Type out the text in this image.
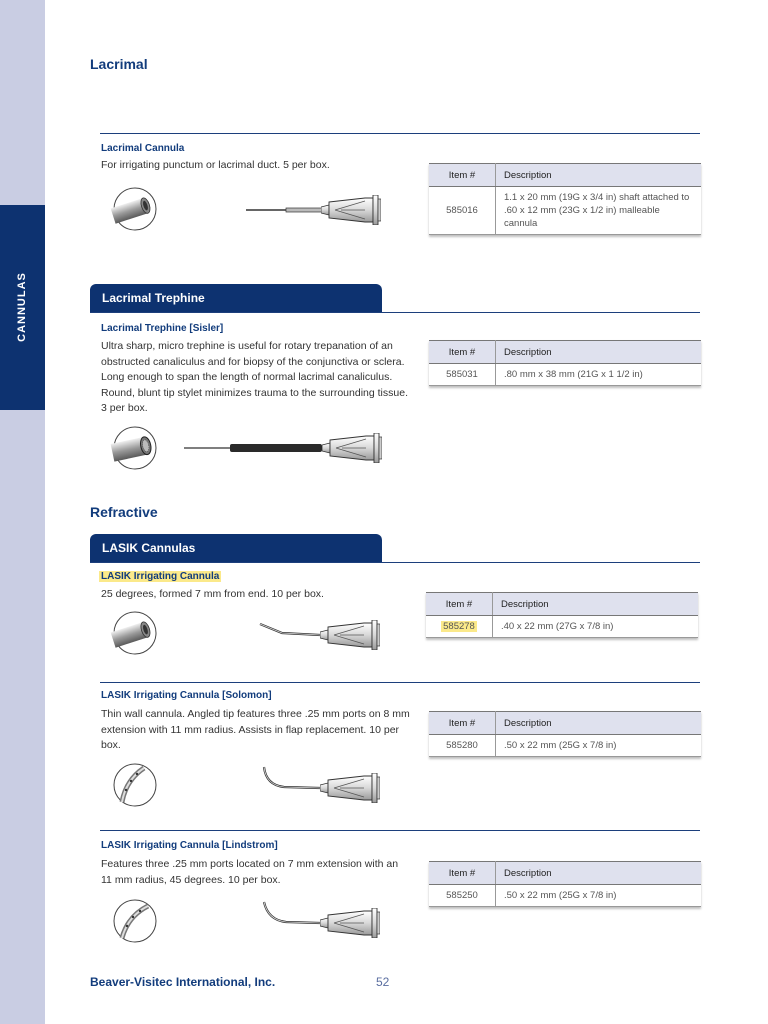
CANNULAS
Lacrimal
Lacrimal Cannula
For irrigating punctum or lacrimal duct. 5 per box.
Item #	Description
585016	1.1 x 20 mm (19G x 3/4 in) shaft attached to
.60 x 12 mm (23G x 1/2 in) malleable cannula
Lacrimal Trephine
Lacrimal Trephine [Sisler]
Ultra sharp, micro trephine is useful for rotary trepanation of an obstructed canaliculus and for biopsy of the conjunctiva or sclera. Long enough to span the length of normal lacrimal canaliculus. Round, blunt tip stylet minimizes trauma to the surrounding tissue. 3 per box.
Item #	Description
585031	.80 mm x 38 mm (21G x 1 1/2 in)
Refractive
LASIK Cannulas
LASIK Irrigating Cannula
25 degrees, formed 7 mm from end. 10 per box.
Item #	Description
585278	.40 x 22 mm (27G x 7/8 in)
LASIK Irrigating Cannula [Solomon]
Thin wall cannula. Angled tip features three .25 mm ports on 8 mm extension with 11 mm radius. Assists in flap replacement. 10 per box.
Item #	Description
585280	.50 x 22 mm (25G x 7/8 in)
LASIK Irrigating Cannula [Lindstrom]
Features three .25 mm ports located on 7 mm extension with an 11 mm radius, 45 degrees. 10 per box.
Item #	Description
585250	.50 x 22 mm (25G x 7/8 in)
Beaver-Visitec International, Inc.	52
